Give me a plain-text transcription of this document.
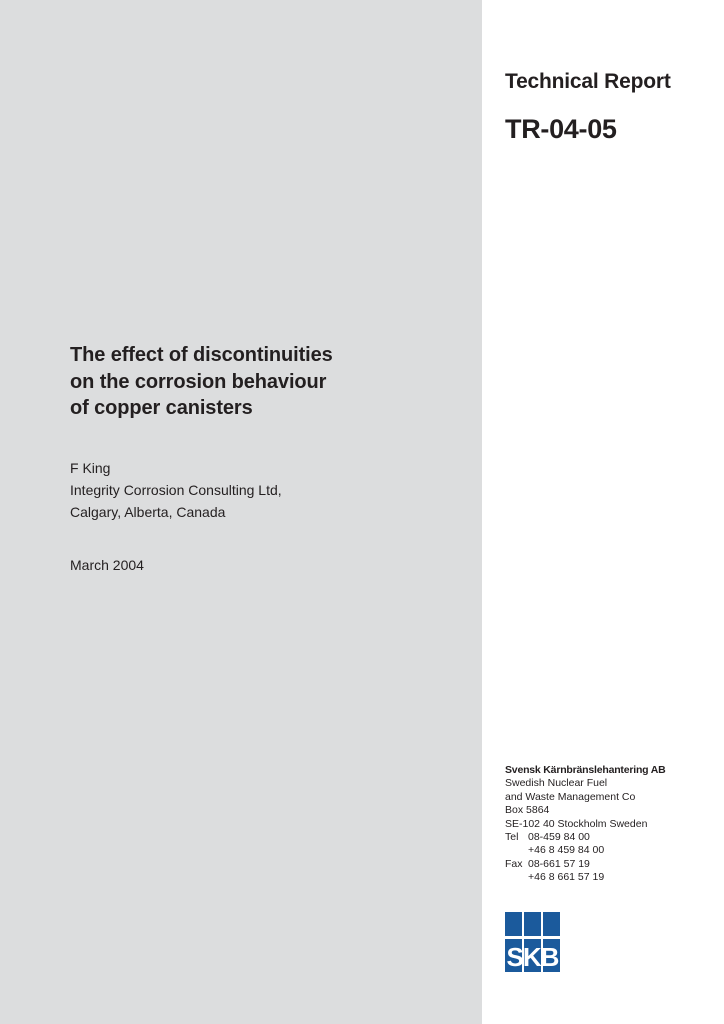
Technical Report
TR-04-05
The effect of discontinuities
on the corrosion behaviour
of copper canisters
F King
Integrity Corrosion Consulting Ltd,
Calgary, Alberta, Canada
March 2004
Svensk Kärnbränslehantering AB
Swedish Nuclear Fuel
and Waste Management Co
Box 5864
SE-102 40 Stockholm Sweden
Tel 08-459 84 00
+46 8 459 84 00
Fax 08-661 57 19
+46 8 661 57 19
SKB
